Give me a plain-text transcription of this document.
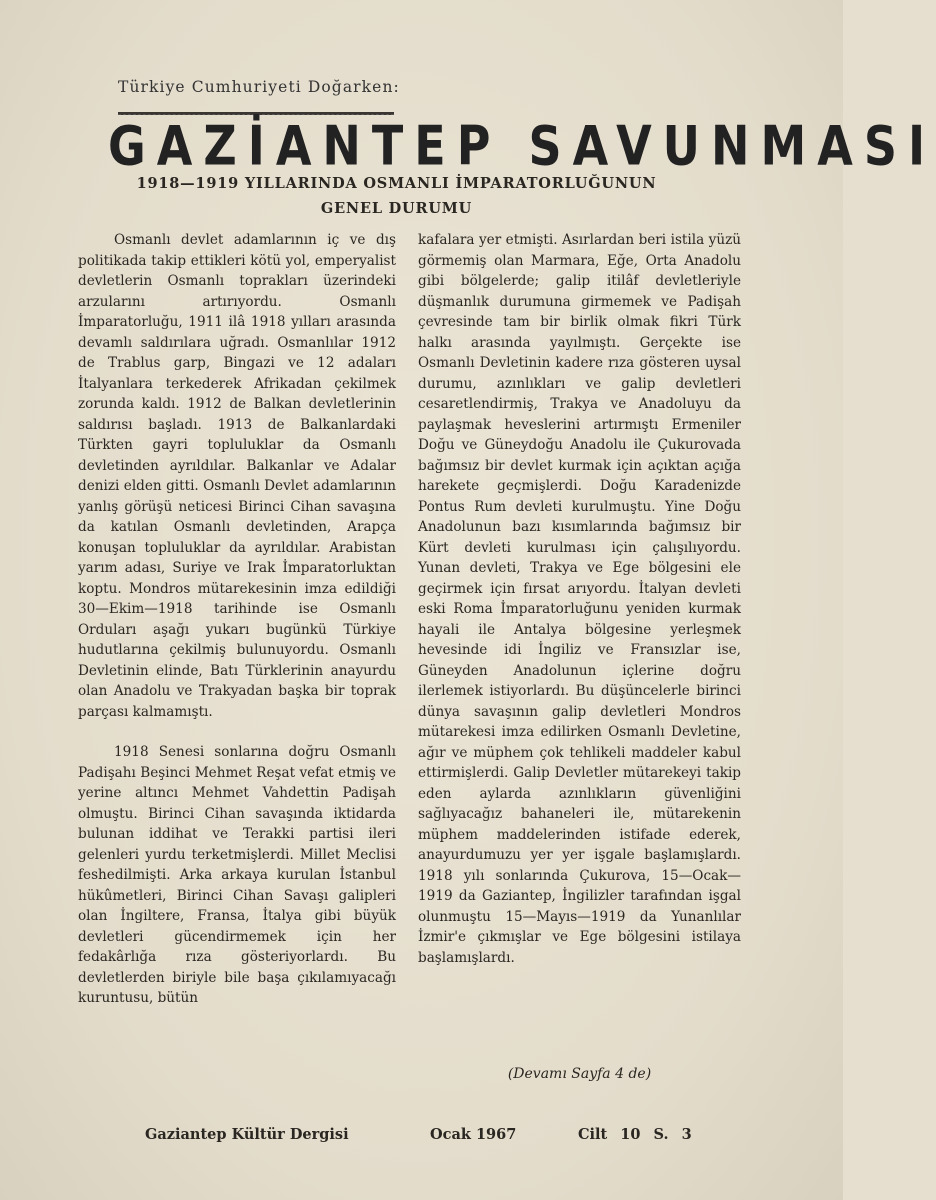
Türkiye Cumhuriyeti Doğarken:
GAZİANTEP SAVUNMASI
1918—1919 YILLARINDA OSMANLI İMPARATORLUĞUNUN
GENEL DURUMU

Osmanlı devlet adamlarının iç ve dış politikada takip ettikleri kötü yol, emperyalist devletlerin Osmanlı toprakları üzerindeki arzularını artırıyordu. Osmanlı İmparatorluğu, 1911 ilâ 1918 yılları arasında devamlı saldırılara uğradı. Osmanlılar 1912 de Trablus garp, Bingazi ve 12 adaları İtalyanlara terkederek Afrikadan çekilmek zorunda kaldı. 1912 de Balkan devletlerinin saldırısı başladı. 1913 de Balkanlardaki Türkten gayri topluluklar da Osmanlı devletinden ayrıldılar. Balkanlar ve Adalar denizi elden gitti. Osmanlı Devlet adamlarının yanlış görüşü neticesi Birinci Cihan savaşına da katılan Osmanlı devletinden, Arapça konuşan topluluklar da ayrıldılar. Arabistan yarım adası, Suriye ve Irak İmparatorluktan koptu. Mondros mütarekesinin imza edildiği 30—Ekim—1918 tarihinde ise Osmanlı Orduları aşağı yukarı bugünkü Türkiye hudutlarına çekilmiş bulunuyordu. Osmanlı Devletinin elinde, Batı Türklerinin anayurdu olan Anadolu ve Trakyadan başka bir toprak parçası kalmamıştı.

1918 Senesi sonlarına doğru Osmanlı Padişahı Beşinci Mehmet Reşat vefat etmiş ve yerine altıncı Mehmet Vahdettin Padişah olmuştu. Birinci Cihan savaşında iktidarda bulunan iddihat ve Terakki partisi ileri gelenleri yurdu terketmişlerdi. Millet Meclisi feshedilmişti. Arka arkaya kurulan İstanbul hükûmetleri, Birinci Cihan Savaşı galipleri olan İngiltere, Fransa, İtalya gibi büyük devletleri gücendirmemek için her fedakârlığa rıza gösteriyorlardı. Bu devletlerden biriyle bile başa çıkılamıyacağı kuruntusu, bütün

kafalara yer etmişti. Asırlardan beri istila yüzü görmemiş olan Marmara, Eğe, Orta Anadolu gibi bölgelerde; galip itilâf devletleriyle düşmanlık durumuna girmemek ve Padişah çevresinde tam bir birlik olmak fikri Türk halkı arasında yayılmıştı. Gerçekte ise Osmanlı Devletinin kadere rıza gösteren uysal durumu, azınlıkları ve galip devletleri cesaretlendirmiş, Trakya ve Anadoluyu da paylaşmak heveslerini artırmıştı Ermeniler Doğu ve Güneydoğu Anadolu ile Çukurovada bağımsız bir devlet kurmak için açıktan açığa harekete geçmişlerdi. Doğu Karadenizde Pontus Rum devleti kurulmuştu. Yine Doğu Anadolunun bazı kısımlarında bağımsız bir Kürt devleti kurulması için çalışılıyordu. Yunan devleti, Trakya ve Ege bölgesini ele geçirmek için fırsat arıyordu. İtalyan devleti eski Roma İmparatorluğunu yeniden kurmak hayali ile Antalya bölgesine yerleşmek hevesinde idi İngiliz ve Fransızlar ise, Güneyden Anadolunun içlerine doğru ilerlemek istiyorlardı. Bu düşüncelerle birinci dünya savaşının galip devletleri Mondros mütarekesi imza edilirken Osmanlı Devletine, ağır ve müphem çok tehlikeli maddeler kabul ettirmişlerdi. Galip Devletler mütarekeyi takip eden aylarda azınlıkların güvenliğini sağlıyacağız bahaneleri ile, mütarekenin müphem maddelerinden istifade ederek, anayurdumuzu yer yer işgale başlamışlardı. 1918 yılı sonlarında Çukurova, 15—Ocak—1919 da Gaziantep, İngilizler tarafından işgal olunmuştu 15—Mayıs—1919 da Yunanlılar İzmir'e çıkmışlar ve Ege bölgesini istilaya başlamışlardı.

(Devamı Sayfa 4 de)
Gaziantep Kültür Dergisi	Ocak 1967	Cilt 10 S. 3
